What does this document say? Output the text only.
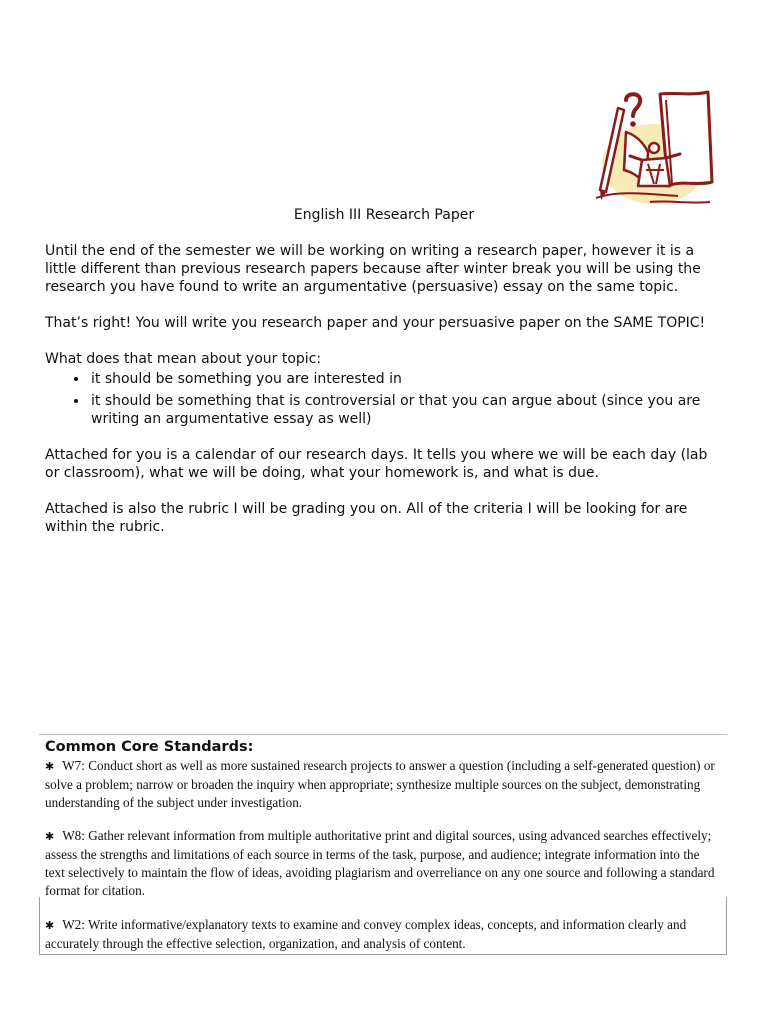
English III Research Paper

Until the end of the semester we will be working on writing a research paper, however it is a little different than previous research papers because after winter break you will be using the research you have found to write an argumentative (persuasive) essay on the same topic.

That’s right! You will write you research paper and your persuasive paper on the SAME TOPIC!

What does that mean about your topic:

• it should be something you are interested in
• it should be something that is controversial or that you can argue about (since you are writing an argumentative essay as well)

Attached for you is a calendar of our research days. It tells you where we will be each day (lab or classroom), what we will be doing, what your homework is, and what is due.

Attached is also the rubric I will be grading you on. All of the criteria I will be looking for are within the rubric.

Common Core Standards:

✱ W7: Conduct short as well as more sustained research projects to answer a question (including a self-generated question) or solve a problem; narrow or broaden the inquiry when appropriate; synthesize multiple sources on the subject, demonstrating understanding of the subject under investigation.

✱ W8: Gather relevant information from multiple authoritative print and digital sources, using advanced searches effectively; assess the strengths and limitations of each source in terms of the task, purpose, and audience; integrate information into the text selectively to maintain the flow of ideas, avoiding plagiarism and overreliance on any one source and following a standard format for citation.

✱ W2: Write informative/explanatory texts to examine and convey complex ideas, concepts, and information clearly and accurately through the effective selection, organization, and analysis of content.
